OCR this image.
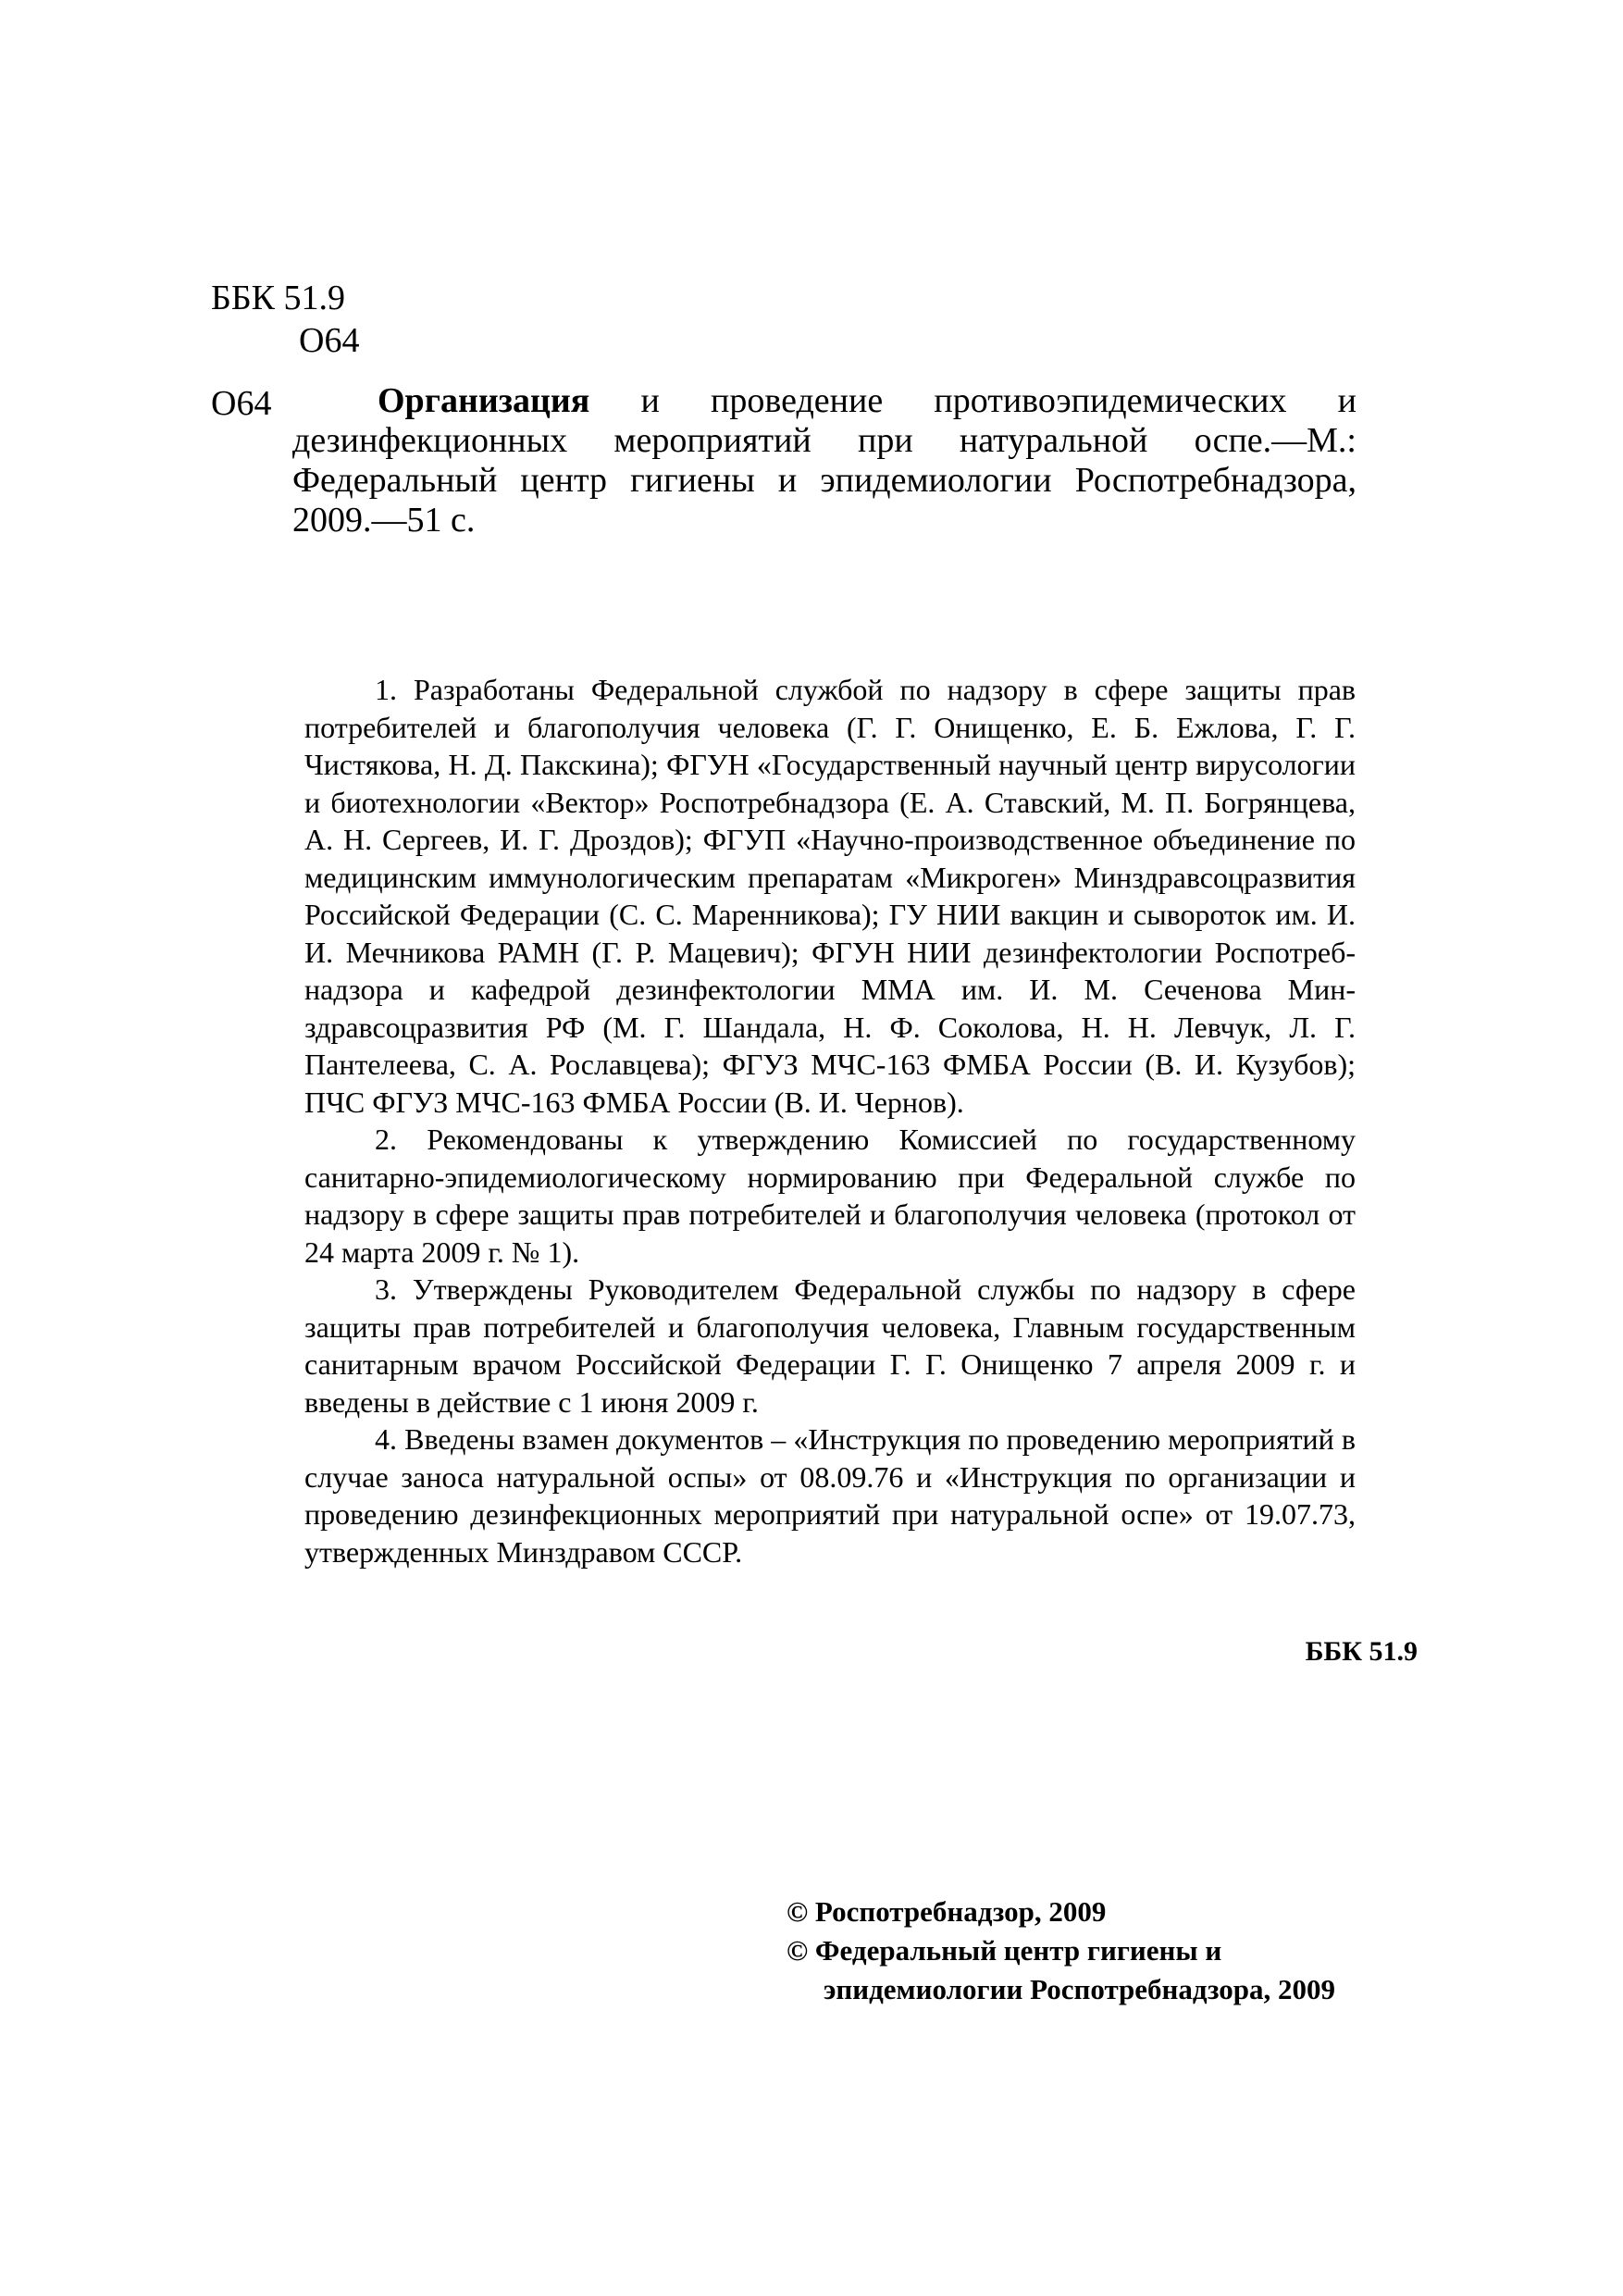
ББК 51.9
О64
О64	Организация и проведение противоэпидемических и дезинфекционных мероприятий при натуральной оспе.—М.: Федеральный центр гигиены и эпидемиологии Роспотребнадзора, 2009.—51 с.

1. Разработаны Федеральной службой по надзору в сфере защиты прав потребителей и благополучия человека (Г. Г. Онищенко, Е. Б. Ежлова, Г. Г. Чистякова, Н. Д. Пакскина); ФГУН «Государственный научный центр вирусологии и биотехнологии «Вектор» Роспотребнадзора (Е. А. Ставский, М. П. Богрянцева, А. Н. Сергеев, И. Г. Дроздов); ФГУП «Научно-производственное объединение по медицинским иммунологическим препаратам «Микроген» Минздравсоцразвития Российской Федерации (С. С. Маренникова); ГУ НИИ вакцин и сывороток им. И. И. Мечникова РАМН (Г. Р. Мацевич); ФГУН НИИ дезинфектологии Роспотребнадзора и кафедрой дезинфектологии ММА им. И. М. Сеченова Минздравсоцразвития РФ (М. Г. Шандала, Н. Ф. Соколова, Н. Н. Левчук, Л. Г. Пантелеева, С. А. Рославцева); ФГУЗ МЧС-163 ФМБА России (В. И. Кузубов); ПЧС ФГУЗ МЧС-163 ФМБА России (В. И. Чернов).

2. Рекомендованы к утверждению Комиссией по государственному санитарно-эпидемиологическому нормированию при Федеральной службе по надзору в сфере защиты прав потребителей и благополучия человека (протокол от 24 марта 2009 г. № 1).

3. Утверждены Руководителем Федеральной службы по надзору в сфере защиты прав потребителей и благополучия человека, Главным государственным санитарным врачом Российской Федерации Г. Г. Онищенко 7 апреля 2009 г. и введены в действие с 1 июня 2009 г.

4. Введены взамен документов – «Инструкция по проведению мероприятий в случае заноса натуральной оспы» от 08.09.76 и «Инструкция по организации и проведению дезинфекционных мероприятий при натуральной оспе» от 19.07.73, утвержденных Минздравом СССР.

ББК 51.9
© Роспотребнадзор, 2009
© Федеральный центр гигиены и
эпидемиологии Роспотребнадзора, 2009
